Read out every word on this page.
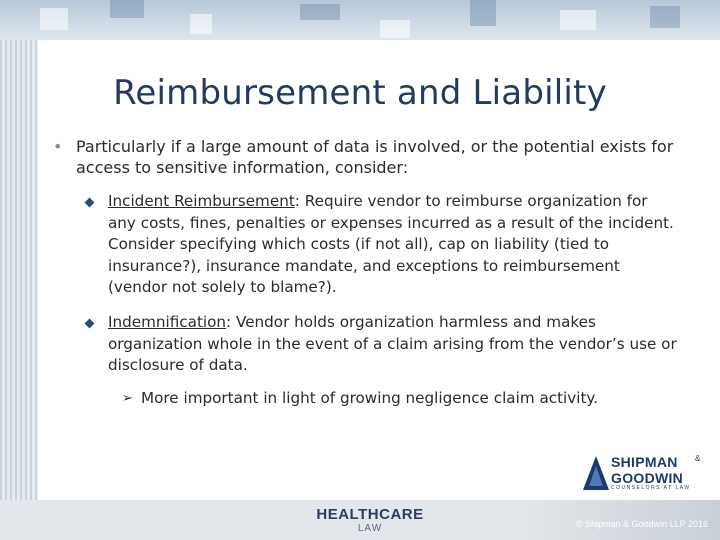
Reimbursement and Liability
• Particularly if a large amount of data is involved, or the potential exists for access to sensitive information, consider:
Incident Reimbursement: Require vendor to reimburse organization for any costs, fines, penalties or expenses incurred as a result of the incident. Consider specifying which costs (if not all), cap on liability (tied to insurance?), insurance mandate, and exceptions to reimbursement (vendor not solely to blame?).
Indemnification: Vendor holds organization harmless and makes organization whole in the event of a claim arising from the vendor’s use or disclosure of data.
➢ More important in light of growing negligence claim activity.
SHIPMAN &
GOODWIN
COUNSELORS AT LAW
HEALTHCARE
LAW	© Shipman & Goodwin LLP 2016
